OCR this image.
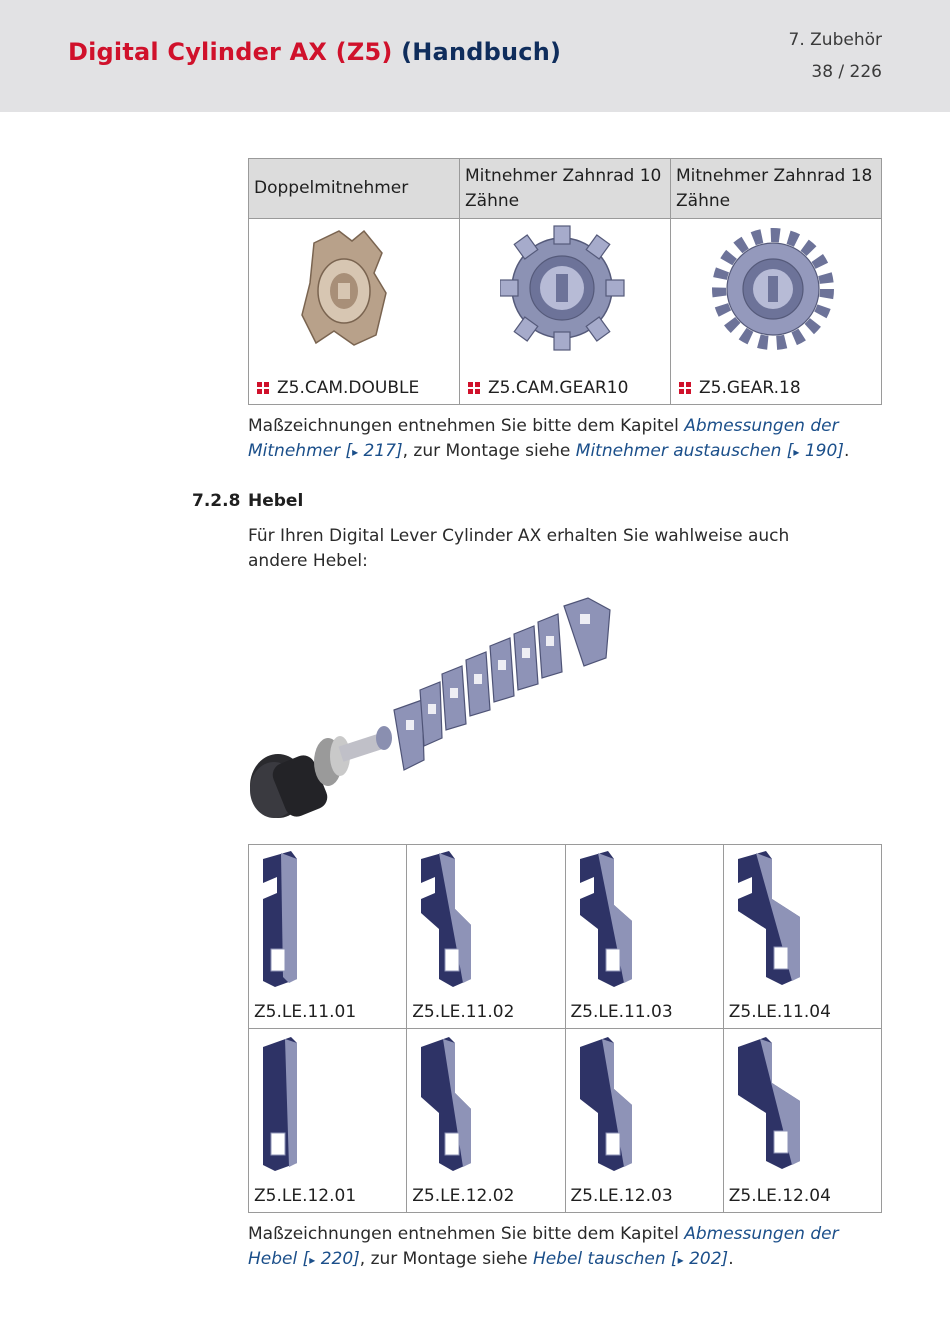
Digital Cylinder AX (Z5) (Handbuch)	7. Zubehör
38 / 226
Doppelmitnehmer	Mitnehmer Zahnrad 10 Zähne	Mitnehmer Zahnrad 18 Zähne

Z5.CAM.DOUBLE	Z5.CAM.GEAR10	Z5.GEAR.18
Maßzeichnungen entnehmen Sie bitte dem Kapitel Abmessungen der Mitnehmer [▸ 217], zur Montage siehe Mitnehmer austauschen [▸ 190].
7.2.8 Hebel
Für Ihren Digital Lever Cylinder AX erhalten Sie wahlweise auch andere Hebel:
Z5.LE.11.01	Z5.LE.11.02	Z5.LE.11.03	Z5.LE.11.04

Z5.LE.12.01	Z5.LE.12.02	Z5.LE.12.03	Z5.LE.12.04
Maßzeichnungen entnehmen Sie bitte dem Kapitel Abmessungen der Hebel [▸ 220], zur Montage siehe Hebel tauschen [▸ 202].
